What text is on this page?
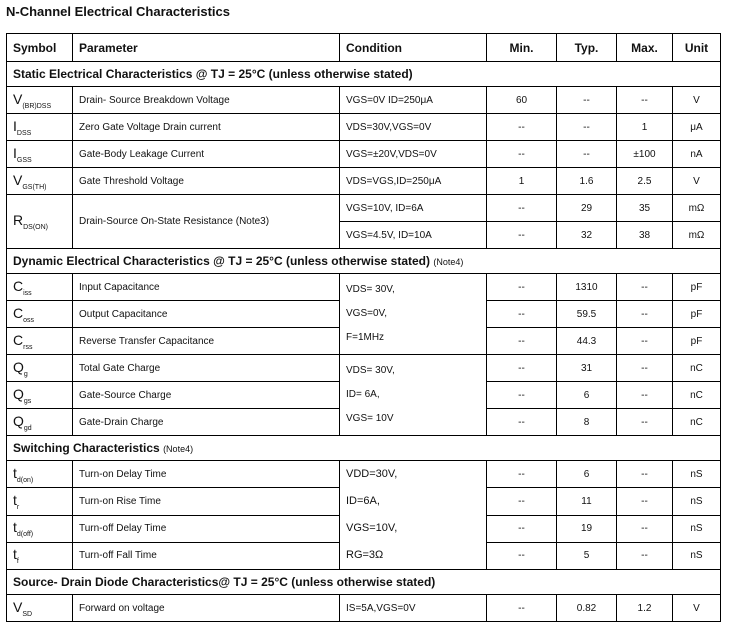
N-Channel Electrical Characteristics
Symbol	Parameter	Condition	Min.	Typ.	Max.	Unit
Static Electrical Characteristics @ TJ = 25°C (unless otherwise stated)						
$V_{(BR)DSS}$	Drain- Source Breakdown Voltage	VGS=0V ID=250μA	60	--	--	V
$I_{DSS}$	Zero Gate Voltage Drain current	VDS=30V,VGS=0V	--	--	1	μA
$I_{GSS}$	Gate-Body Leakage Current	VGS=±20V,VDS=0V	--	--	±100	nA
$V_{GS(TH)}$	Gate Threshold Voltage	VDS=VGS,ID=250μA	1	1.6	2.5	V
$R_{DS(ON)}$	Drain-Source On-State Resistance (Note3)	VGS=10V, ID=6A	--	29	35	mΩ
		VGS=4.5V, ID=10A	--	32	38	mΩ
Dynamic Electrical Characteristics @ TJ = 25°C (unless otherwise stated) (Note4)						
$C_{iss}$	Input Capacitance	VDS= 30V,
VGS=0V,
F=1MHz	--	1310	--	pF
$C_{oss}$	Output Capacitance		--	59.5	--	pF
$C_{rss}$	Reverse Transfer Capacitance		--	44.3	--	pF
$Q_g$	Total Gate Charge	VDS= 30V,
ID= 6A,
VGS= 10V	--	31	--	nC
$Q_{gs}$	Gate-Source Charge		--	6	--	nC
$Q_{gd}$	Gate-Drain Charge		--	8	--	nC
Switching Characteristics (Note4)						
$t_{d(on)}$	Turn-on Delay Time	VDD=30V,
ID=6A,
VGS=10V,
RG=3Ω	--	6	--	nS
$t_r$	Turn-on Rise Time		--	11	--	nS
$t_{d(off)}$	Turn-off Delay Time		--	19	--	nS
$t_f$	Turn-off Fall Time		--	5	--	nS
Source- Drain Diode Characteristics@ TJ = 25°C (unless otherwise stated)						
$V_{SD}$	Forward on voltage	IS=5A,VGS=0V	--	0.82	1.2	V
